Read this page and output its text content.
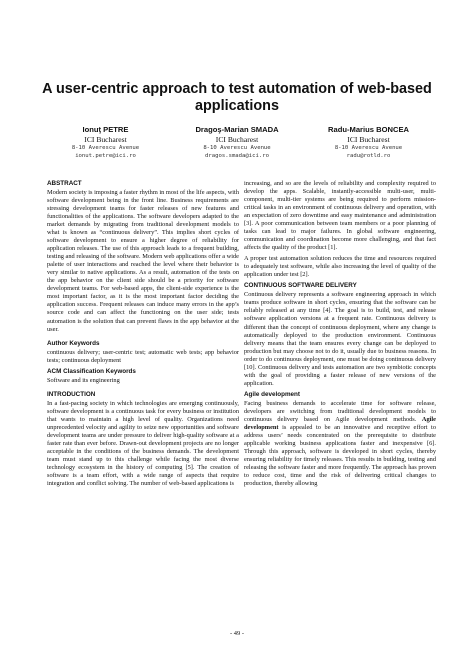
A user-centric approach to test automation of web-based applications
Ionuţ PETRE
ICI Bucharest
8-10 Averescu Avenue
ionut.petre@ici.ro
Dragoş-Marian SMADA
ICI Bucharest
8-10 Averescu Avenue
dragos.smada@ici.ro
Radu-Marius BONCEA
ICI Bucharest
8-10 Averescu Avenue
radu@rotld.ro
ABSTRACT

Modern society is imposing a faster rhythm in most of the life aspects, with software development being in the front line. Business requirements are stressing development teams for faster releases of new features and functionalities of the applications. The software developers adapted to the market demands by migrating from traditional development models to what is known as “continuous delivery”. This implies short cycles of software development to ensure a higher degree of reliability for application releases. The use of this approach leads to a frequent building, testing and releasing of the software. Modern web applications offer a wide palette of user interactions and reached the level where their behavior is very similar to native applications. As a result, automation of the tests on the app behavior on the client side should be a priority for software development teams. For web-based apps, the client-side experience is the most important factor, as it is the most important factor deciding the application success. Frequent releases can induce many errors in the app’s source code and can affect the functioning on the user side; tests automation is the solution that can prevent flaws in the app behavior at the user.

Author Keywords

continuous delivery; user-centric test; automatic web tests; app behavior tests; continuous deployment

ACM Classification Keywords

Software and its engineering

INTRODUCTION

In a fast-pacing society in which technologies are emerging continuously, software development is a continuous task for every business or institution that wants to maintain a high level of quality. Organizations need unprecedented velocity and agility to seize new opportunities and software development teams are under pressure to deliver high-quality software at a faster rate than ever before. Drawn-out development projects are no longer acceptable in the conditions of the business demands. The development team must stand up to this challenge while facing the most diverse technology ecosystem in the history of computing [5]. The creation of software is a team effort, with a wide range of aspects that require integration and conflict solving. The number of web-based applications is

increasing, and so are the levels of reliability and complexity required to develop the apps. Scalable, instantly-accessible multi-user, multi-component, multi-tier systems are being required to perform mission-critical tasks in an environment of continuous delivery and operation, with an expectation of zero downtime and easy maintenance and administration [3]. A poor communication between team members or a poor planning of tasks can lead to major failures. In global software engineering, communication and coordination become more challenging, and that fact affects the quality of the product [1].

A proper test automation solution reduces the time and resources required to adequately test software, while also increasing the level of quality of the application under test [2].

CONTINUOUS SOFTWARE DELIVERY

Continuous delivery represents a software engineering approach in which teams produce software in short cycles, ensuring that the software can be reliably released at any time [4]. The goal is to build, test, and release software application versions at a frequent rate. Continuous delivery is different than the concept of continuous deployment, where any change is automatically deployed to the production environment. Continuous delivery means that the team ensures every change can be deployed to production but may choose not to do it, usually due to business reasons. In order to do continuous deployment, one must be doing continuous delivery [10]. Continuous delivery and tests automation are two symbiotic concepts with the goal of providing a faster release of new versions of the application.

Agile development

Facing business demands to accelerate time for software release, developers are switching from traditional development models to continuous delivery based on Agile development methods. Agile development is appealed to be an innovative and receptive effort to address users’ needs concentrated on the prerequisite to distribute applicable working business applications faster and inexpensive [6]. Through this approach, software is developed in short cycles, thereby ensuring reliability for timely releases. This results in building, testing and releasing the software faster and more frequently. The approach has proven to reduce cost, time and the risk of delivering critical changes to production, thereby allowing

- 49 -
